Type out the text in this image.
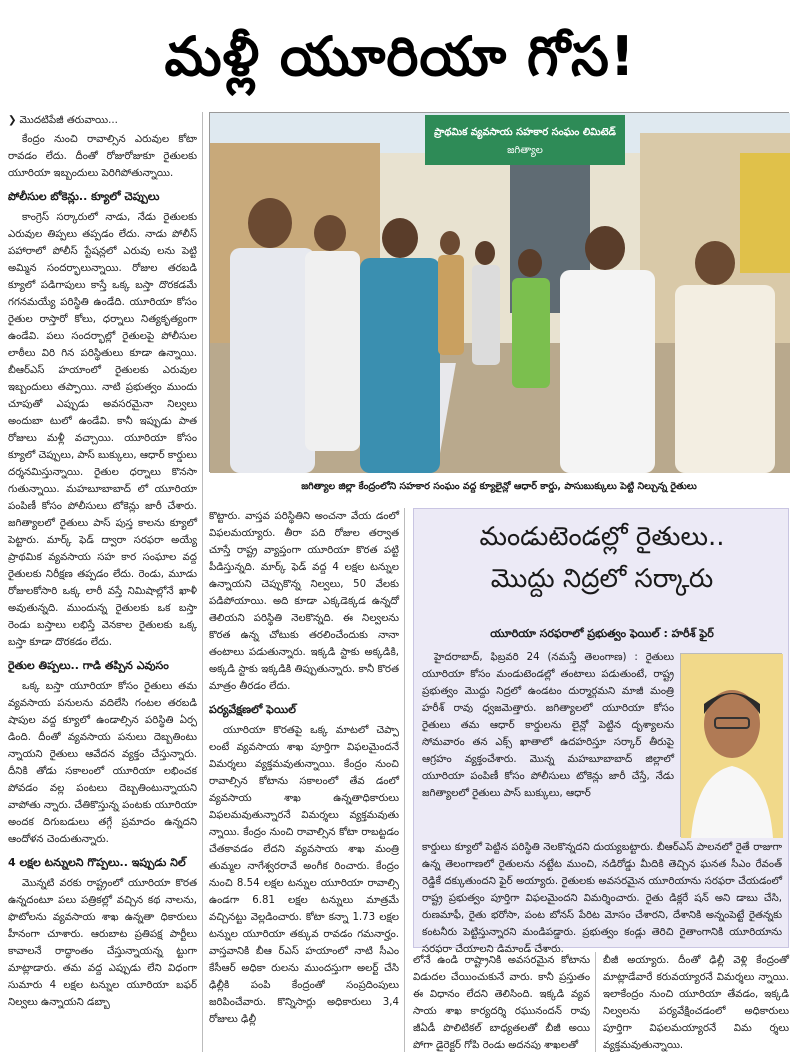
మళ్లీ యూరియా గోస!

❯ మొదటిపేజీ తరువాయి...

కేంద్రం నుంచి రావాల్సిన ఎరువుల కోటా రావడం లేదు. దీంతో రోజురోజుకూ రైతులకు యూరియా ఇబ్బందులు పెరిగిపోతున్నాయి.

పోలీసుల బోకెన్లు.. క్యూలో చెప్పులు

కాంగ్రెస్ సర్కారులో నాడు, నేడు రైతులకు ఎరువుల తిప్పలు తప్పడం లేదు. నాడు పోలీస్ పహారాలో పోలీస్ స్టేషన్లలో ఎరువు లను పెట్టి అమ్మిన సందర్భాలున్నాయి. రోజుల తరబడి క్యూలో పడిగాపులు కాస్తే ఒక్క బస్తా దొరకడమే గగనమయ్యే పరిస్థితి ఉండేది. యూరియా కోసం రైతుల రాస్తారో కోలు, ధర్నాలు నిత్యకృత్యంగా ఉండేవి. పలు సందర్భాల్లో రైతులపై పోలీసుల లాఠీలు విరి గిన పరిస్థితులు కూడా ఉన్నాయి. బీఆర్ఎస్ హయాంలో రైతులకు ఎరువుల ఇబ్బందులు తప్పాయి. నాటి ప్రభుత్వం ముందు చూపుతో ఎప్పుడు అవసరమైనా నిల్వలు అందుబా టులో ఉండేవి. కానీ ఇప్పుడు పాత రోజులు మళ్లీ వచ్చాయి. యూరియా కోసం క్యూలో చెప్పులు, పాస్ బుక్కులు, ఆధార్ కార్డులు దర్శనమిస్తున్నాయి. రైతుల ధర్నాలు కొనసా గుతున్నాయి. మహబూబాబాద్ లో యూరియా పంపిణీ కోసం పోలీసులు టోకెన్లు జారీ చేశారు. జగిత్యాలలో రైతులు పాస్ పుస్త కాలను క్యూలో పెట్టారు. మార్క్ ఫెడ్ ద్వారా సరఫరా అయ్యే ప్రాథమిక వ్యవసాయ సహ కార సంఘాల వద్ద రైతులకు నిరీక్షణ తప్పడం లేదు. రెండు, మూడు రోజులకోసారి ఒక్క లారీ వస్తే నిమిషాల్లోనే ఖాళీ అవుతున్నది. ముందున్న రైతులకు ఒక బస్తా రెండు బస్తాలు లభిస్తే వెనకాల రైతులకు ఒక్క బస్తా కూడా దొరకడం లేదు.

రైతుల తిప్పలు.. గాడి తప్పిన ఎవుసం

ఒక్క బస్తా యూరియా కోసం రైతులు తమ వ్యవసాయ పనులను వదిలేసి గంటల తరబడి షాపుల వద్ద క్యూలో ఉండాల్సిన పరిస్థితి ఏర్ప డింది. దీంతో వ్యవసాయ పనులు దెబ్బతింటు న్నాయని రైతులు ఆవేదన వ్యక్తం చేస్తున్నారు. దీనికి తోడు సకాలంలో యూరియా లభించక పోవడం వల్ల పంటలు దెబ్బతింటున్నాయని వాపోతు న్నారు. చేతికొస్తున్న పంటకు యూరియా అందక దిగుబడులు తగ్గే ప్రమాదం ఉన్నదని ఆందోళన చెందుతున్నారు.

4 లక్షల టన్నులని గొప్పలు.. ఇప్పుడు నిల్

మొన్నటి వరకు రాష్ట్రంలో యూరియా కొరత ఉన్నదంటూ పలు పత్రికల్లో వచ్చిన కథ నాలను, ఫొటోలను వ్యవసాయ శాఖ ఉన్నతా ధికారులు హీనంగా చూశారు. ఆరుబాట ప్రతిపక్ష పార్టీలు కావాలనే రాద్ధాంతం చేస్తున్నాయన్న ట్టుగా మాట్లాడారు. తమ వద్ద ఎప్పుడు లేని విధంగా సుమారు 4 లక్షల టన్నుల యూరియా బఫర్ నిల్వలు ఉన్నాయని డబ్బా

ప్రాథమిక వ్యవసాయ సహకార సంఘం లిమిటెడ్
జగిత్యాల
జగిత్యాల జిల్లా కేంద్రంలోని సహకార సంఘం వద్ద క్యూలైన్లో ఆధార్ కార్డు, పాసుబుక్కులు పెట్టి నిల్చున్న రైతులు

కొట్టారు. వాస్తవ పరిస్థితిని అంచనా వేయ డంలో విఫలమయ్యారు. తీరా పది రోజుల తర్వాత చూస్తే రాష్ట్ర వ్యాప్తంగా యూరియా కొరత పట్టి పీడిస్తున్నది. మార్క్ ఫెడ్ వద్ద 4 లక్షల టన్నుల ఉన్నాయని చెప్పుకొన్న నిల్వలు, 50 వేలకు పడిపోయాయి. అది కూడా ఎక్కడెక్కడ ఉన్నదో తెలియని పరిస్థితి నెలకొన్నది. ఈ నిల్వలను కొరత ఉన్న చోటుకు తరలించేందుకు నానా తంటాలు పడుతున్నారు. ఇక్కడి స్టాకు అక్కడికి, అక్కడి స్టాకు ఇక్కడికి తిప్పుతున్నారు. కానీ కొరత మాత్రం తీరడం లేదు.

పర్యవేక్షణలో ఫెయిల్

యూరియా కొరతపై ఒక్క మాటలో చెప్పా లంటే వ్యవసాయ శాఖ పూర్తిగా విఫలమైందనే విమర్శలు వ్యక్తమవుతున్నాయి. కేంద్రం నుంచి రావాల్సిన కోటాను సకాలంలో తేవ డంలో వ్యవసాయ శాఖ ఉన్నతాధికారులు విఫలమవుతున్నారనే విమర్శలు వ్యక్తమవుతు న్నాయి. కేంద్రం నుంచి రావాల్సిన కోటా రాబట్టడం చేతకావడం లేదని వ్యవసాయ శాఖ మంత్రి తుమ్మల నాగేశ్వరరావే అంగీక రించారు. కేంద్రం నుంచి 8.54 లక్షల టన్నుల యూరియా రావాల్సి ఉండగా 6.81 లక్షల టన్నులు మాత్రమే వచ్చినట్టు వెల్లడించారు. కోటా కన్నా 1.73 లక్షల టన్నుల యూరియా తక్కువ రావడం గమనార్హం. వాస్తవానికి బీఆ ర్ఎస్ హయాంలో నాటి సీఎం కేసీఆర్ అధికా రులను ముందస్తుగా అలర్ట్ చేసి ఢిల్లీకి పంపి కేంద్రంతో సంప్రదింపులు జరిపించేవారు. కొన్నిసార్లు అధికారులు 3,4 రోజులు ఢిల్లీ

మండుటెండల్లో రైతులు..
మొద్దు నిద్రలో సర్కారు
యూరియా సరఫరాలో ప్రభుత్వం ఫెయిల్ : హరీశ్ ఫైర్

హైదరాబాద్, ఫిబ్రవరి 24 (నమస్తే తెలంగాణ) : రైతులు యూరియా కోసం మండుటెండల్లో తంటాలు పడుతుంటే, రాష్ట్ర ప్రభుత్వం మొద్దు నిద్రలో ఉండటం దుర్మార్గమని మాజీ మంత్రి హరీశ్ రావు ధ్వజమెత్తారు. జగిత్యాలలో యూరియా కోసం రైతులు తమ ఆధార్ కార్డులను లైన్లో పెట్టిన దృశ్యాలను సోమవారం తన ఎక్స్ ఖాతాలో ఉదహరిస్తూ సర్కార్ తీరుపై ఆగ్రహం వ్యక్తంచేశారు. మొన్న మహబూబాబాద్ జిల్లాలో యూరియా పంపిణీ కోసం పోలీసులు టోకెన్లు జారీ చేస్తే, నేడు జగిత్యాలలో రైతులు పాస్ బుక్కులు, ఆధార్

కార్డులు క్యూలో పెట్టిన పరిస్థితి నెలకొన్నదని దుయ్యబట్టారు. బీఆర్ఎస్ పాలనలో రైతే రాజుగా ఉన్న తెలంగాణలో రైతులను నట్టేట ముంచి, నడిరోడ్డు మీదికి తెచ్చిన ఘనత సీఎం రేవంత్ రెడ్డికే దక్కుతుందని ఫైర్ అయ్యారు. రైతులకు అవసరమైన యూరియాను సరఫరా చేయడంలో రాష్ట్ర ప్రభుత్వం పూర్తిగా విఫలమైందని విమర్శించారు. రైతు డిక్లరే షన్ అని డాబు చేసి, రుణమాఫీ, రైతు భరోసా, పంట బోనస్ పేరిట మోసం చేశారని, దేశానికి అన్నంపెట్టే రైతన్నకు కంటనీరు పెట్టిస్తున్నారని మండిపడ్డారు. ప్రభుత్వం కండ్లు తెరిచి రైతాంగానికి యూరియాను సరఫరా చేయాలని డిమాండ్ చేశారు.

లోనే ఉండి రాష్ట్రానికి అవసరమైన కోటాను విడుదల చేయించుకునే వారు. కానీ ప్రస్తుతం ఈ విధానం లేదని తెలిసింది. ఇక్కడి వ్యవ సాయ శాఖ కార్యదర్శి రఘునందన్ రావు జీఏడీ పొలిటికల్ బాధ్యతలతో బీజీ అయి పోగా డైరెక్టర్ గోపి రెండు అదనపు శాఖలతో

బీజీ అయ్యారు. దీంతో ఢిల్లీ వెళ్లి కేంద్రంతో మాట్లాడేవారే కరువయ్యారనే విమర్శలు న్నాయి. ఇలాకేంద్రం నుంచి యూరియా తేవడం, ఇక్కడి నిల్వలను పర్యవేక్షించడంలో అధికారులు పూర్తిగా విఫలమయ్యారనే విమ ర్శలు వ్యక్తమవుతున్నాయి.
